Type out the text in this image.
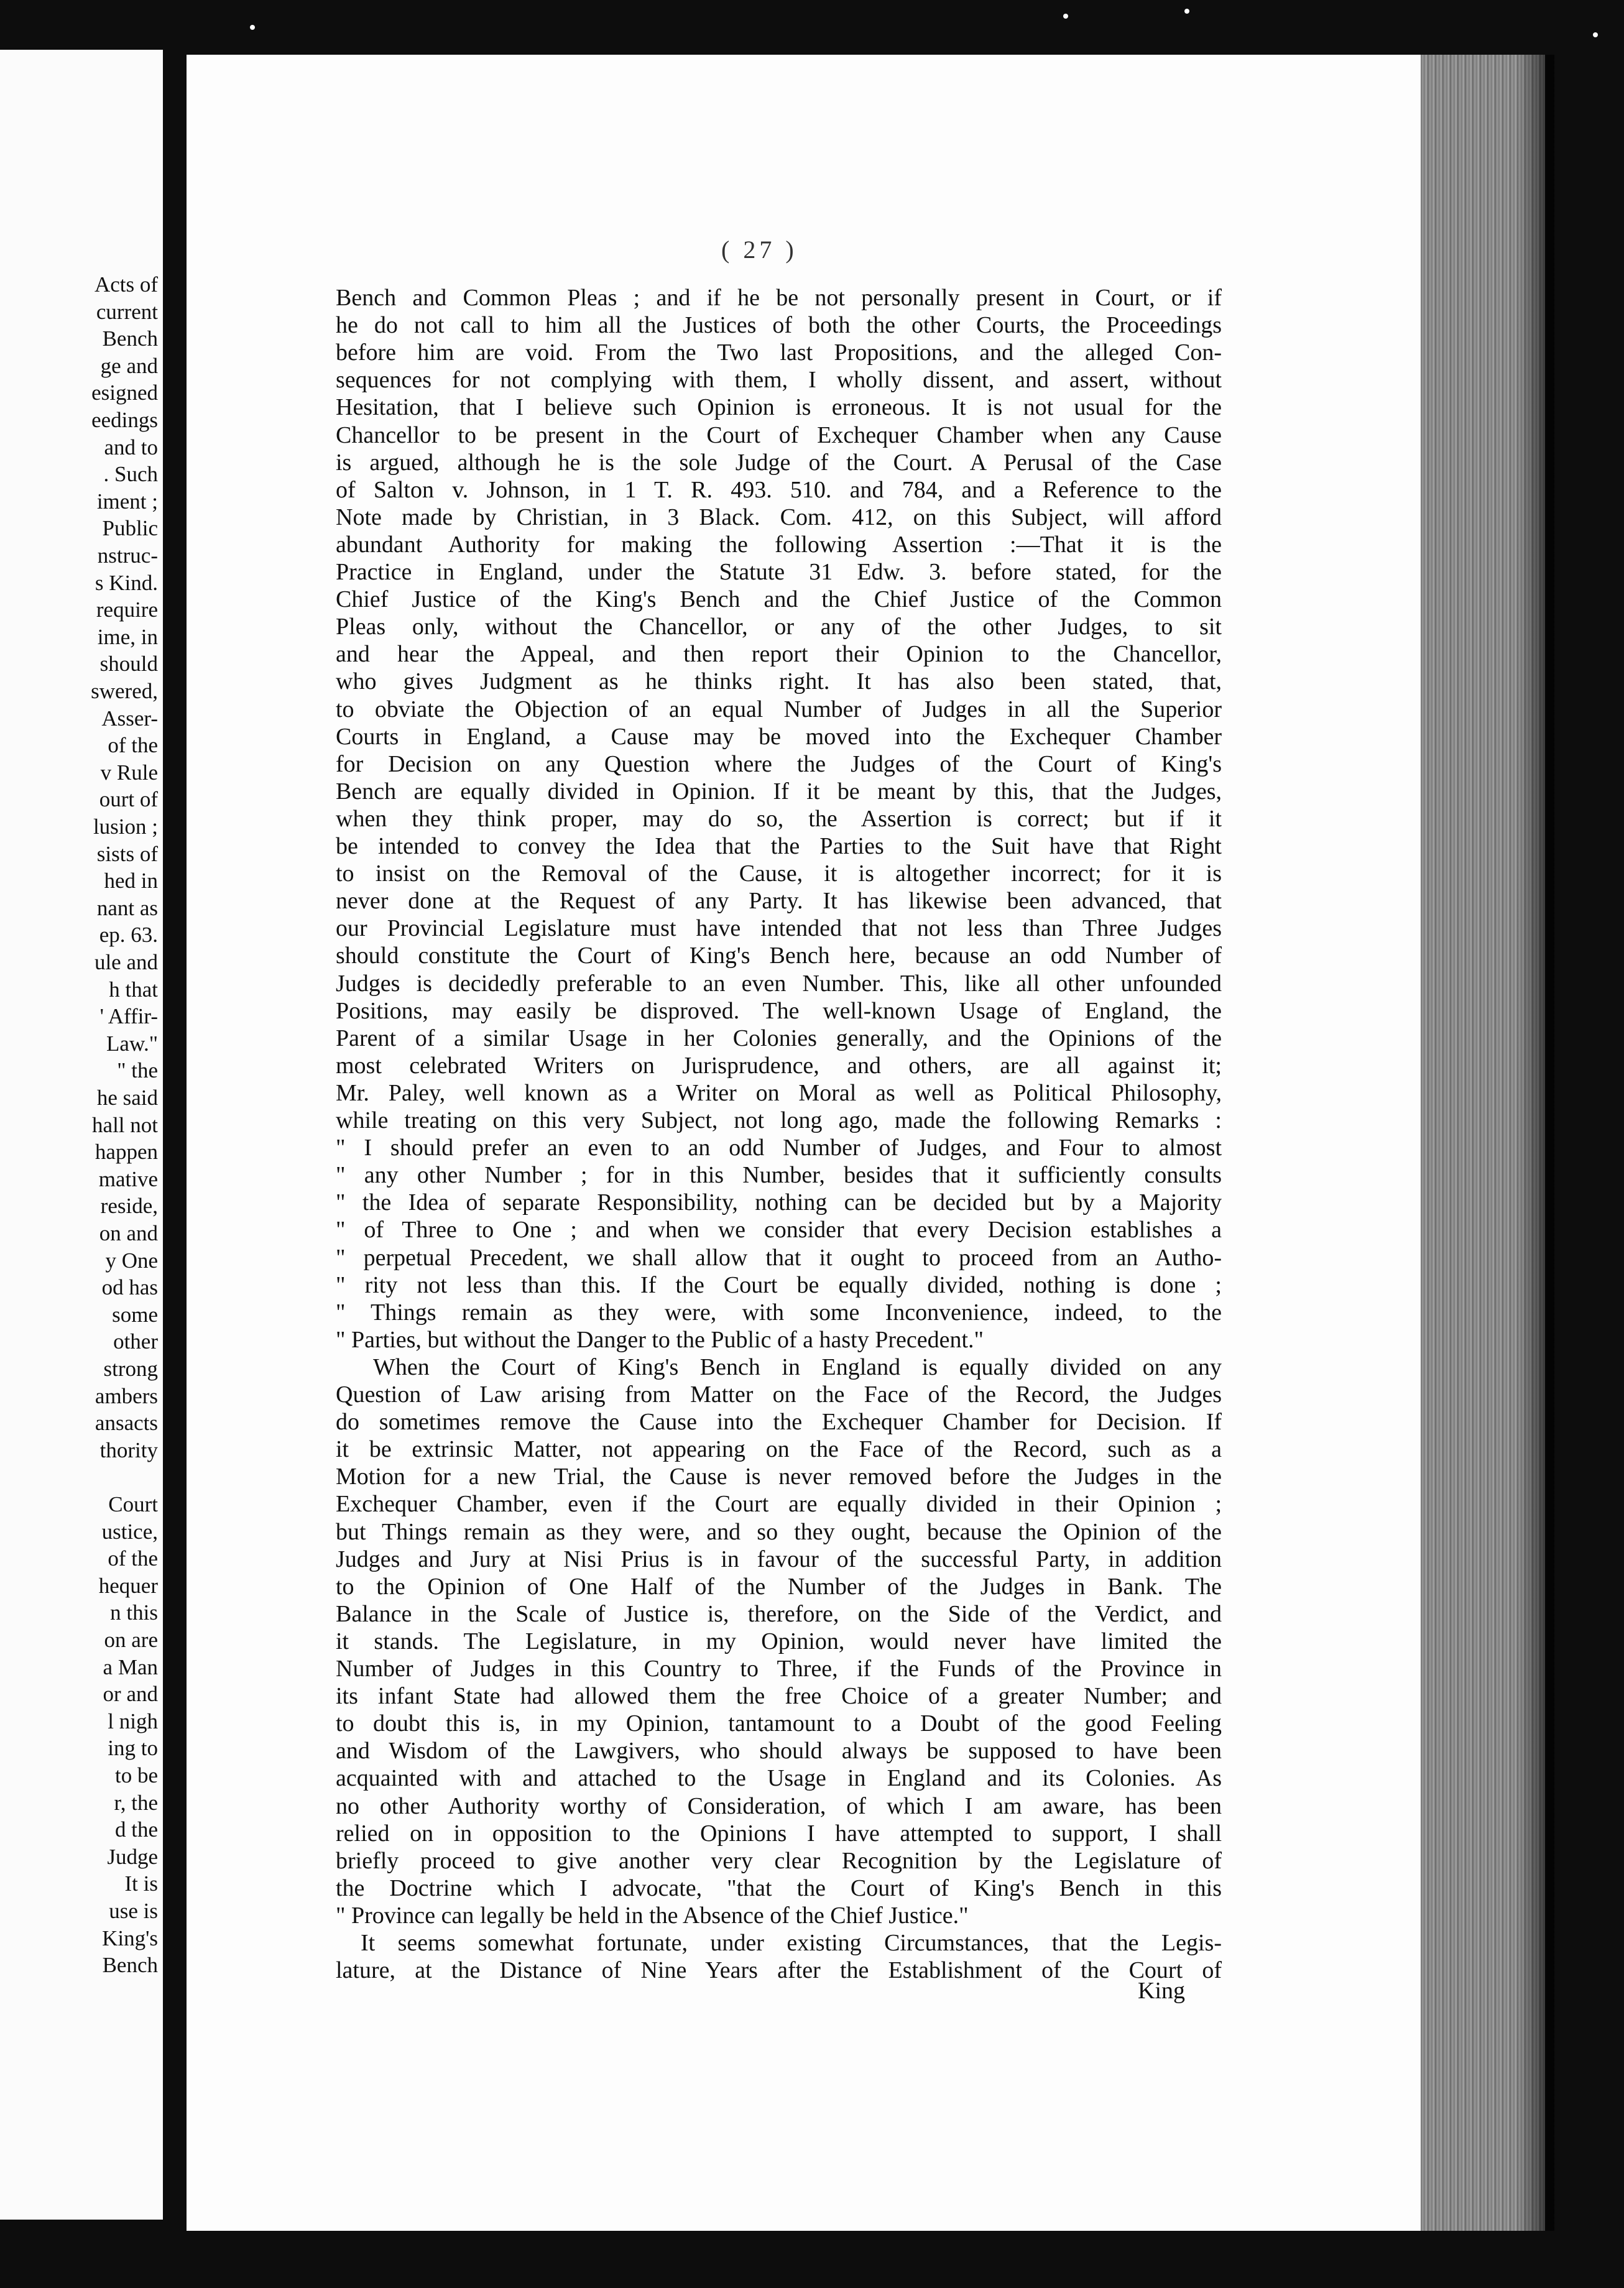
Acts of
current
Bench
ge and
esigned
eedings
and to
. Such
iment ;
Public
nstruc-
s Kind.
require
ime, in
should
swered,
Asser-
of the
v Rule
ourt of
lusion ;
sists of
hed in
nant as
ep. 63.
ule and
h that
' Affir-
Law."
" the
he said
hall not
happen
mative
reside,
on and
y One
od has
some
other
strong
ambers
ansacts
thority
Court
ustice,
of the
hequer
n this
on are
a Man
or and
l nigh
ing to
to be
r, the
d the
Judge
It is
use is
King's
Bench
( 27 )
Bench and Common Pleas ; and if he be not personally present in Court, or if
he do not call to him all the Justices of both the other Courts, the Proceedings
before him are void. From the Two last Propositions, and the alleged Con-
sequences for not complying with them, I wholly dissent, and assert, without
Hesitation, that I believe such Opinion is erroneous. It is not usual for the
Chancellor to be present in the Court of Exchequer Chamber when any Cause
is argued, although he is the sole Judge of the Court. A Perusal of the Case
of Salton v. Johnson, in 1 T. R. 493. 510. and 784, and a Reference to the
Note made by Christian, in 3 Black. Com. 412, on this Subject, will afford
abundant Authority for making the following Assertion :—That it is the
Practice in England, under the Statute 31 Edw. 3. before stated, for the
Chief Justice of the King's Bench and the Chief Justice of the Common
Pleas only, without the Chancellor, or any of the other Judges, to sit
and hear the Appeal, and then report their Opinion to the Chancellor,
who gives Judgment as he thinks right. It has also been stated, that,
to obviate the Objection of an equal Number of Judges in all the Superior
Courts in England, a Cause may be moved into the Exchequer Chamber
for Decision on any Question where the Judges of the Court of King's
Bench are equally divided in Opinion. If it be meant by this, that the Judges,
when they think proper, may do so, the Assertion is correct; but if it
be intended to convey the Idea that the Parties to the Suit have that Right
to insist on the Removal of the Cause, it is altogether incorrect; for it is
never done at the Request of any Party. It has likewise been advanced, that
our Provincial Legislature must have intended that not less than Three Judges
should constitute the Court of King's Bench here, because an odd Number of
Judges is decidedly preferable to an even Number. This, like all other unfounded
Positions, may easily be disproved. The well-known Usage of England, the
Parent of a similar Usage in her Colonies generally, and the Opinions of the
most celebrated Writers on Jurisprudence, and others, are all against it;
Mr. Paley, well known as a Writer on Moral as well as Political Philosophy,
while treating on this very Subject, not long ago, made the following Remarks :
" I should prefer an even to an odd Number of Judges, and Four to almost
" any other Number ; for in this Number, besides that it sufficiently consults
" the Idea of separate Responsibility, nothing can be decided but by a Majority
" of Three to One ; and when we consider that every Decision establishes a
" perpetual Precedent, we shall allow that it ought to proceed from an Autho-
" rity not less than this. If the Court be equally divided, nothing is done ;
" Things remain as they were, with some Inconvenience, indeed, to the
" Parties, but without the Danger to the Public of a hasty Precedent."
When the Court of King's Bench in England is equally divided on any
Question of Law arising from Matter on the Face of the Record, the Judges
do sometimes remove the Cause into the Exchequer Chamber for Decision. If
it be extrinsic Matter, not appearing on the Face of the Record, such as a
Motion for a new Trial, the Cause is never removed before the Judges in the
Exchequer Chamber, even if the Court are equally divided in their Opinion ;
but Things remain as they were, and so they ought, because the Opinion of the
Judges and Jury at Nisi Prius is in favour of the successful Party, in addition
to the Opinion of One Half of the Number of the Judges in Bank. The
Balance in the Scale of Justice is, therefore, on the Side of the Verdict, and
it stands. The Legislature, in my Opinion, would never have limited the
Number of Judges in this Country to Three, if the Funds of the Province in
its infant State had allowed them the free Choice of a greater Number; and
to doubt this is, in my Opinion, tantamount to a Doubt of the good Feeling
and Wisdom of the Lawgivers, who should always be supposed to have been
acquainted with and attached to the Usage in England and its Colonies. As
no other Authority worthy of Consideration, of which I am aware, has been
relied on in opposition to the Opinions I have attempted to support, I shall
briefly proceed to give another very clear Recognition by the Legislature of
the Doctrine which I advocate, "that the Court of King's Bench in this
" Province can legally be held in the Absence of the Chief Justice."
It seems somewhat fortunate, under existing Circumstances, that the Legis-
lature, at the Distance of Nine Years after the Establishment of the Court of
King
